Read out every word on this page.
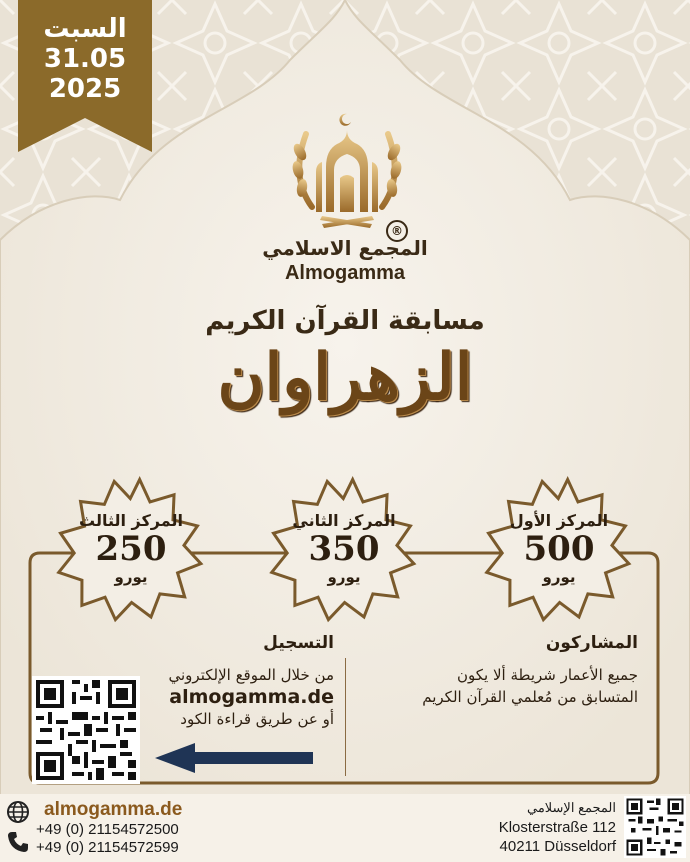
السبت
31.05
2025
®
المجمع الاسلامي
Almogamma
مسابقة القرآن الكريم
الزهراوان
المركز الأول
500
يورو
المركز الثاني
350
يورو
المركز الثالث
250
يورو
المشاركون
جميع الأعمار شريطة ألا يكون
المتسابق من مُعلمي القرآن الكريم
التسجيل
من خلال الموقع الإلكتروني
almogamma.de
أو عن طريق قراءة الكود
almogamma.de
+49 (0) 21154572500
+49 (0) 21154572599
المجمع الإسلامي
Klosterstraße 112
40211 Düsseldorf
